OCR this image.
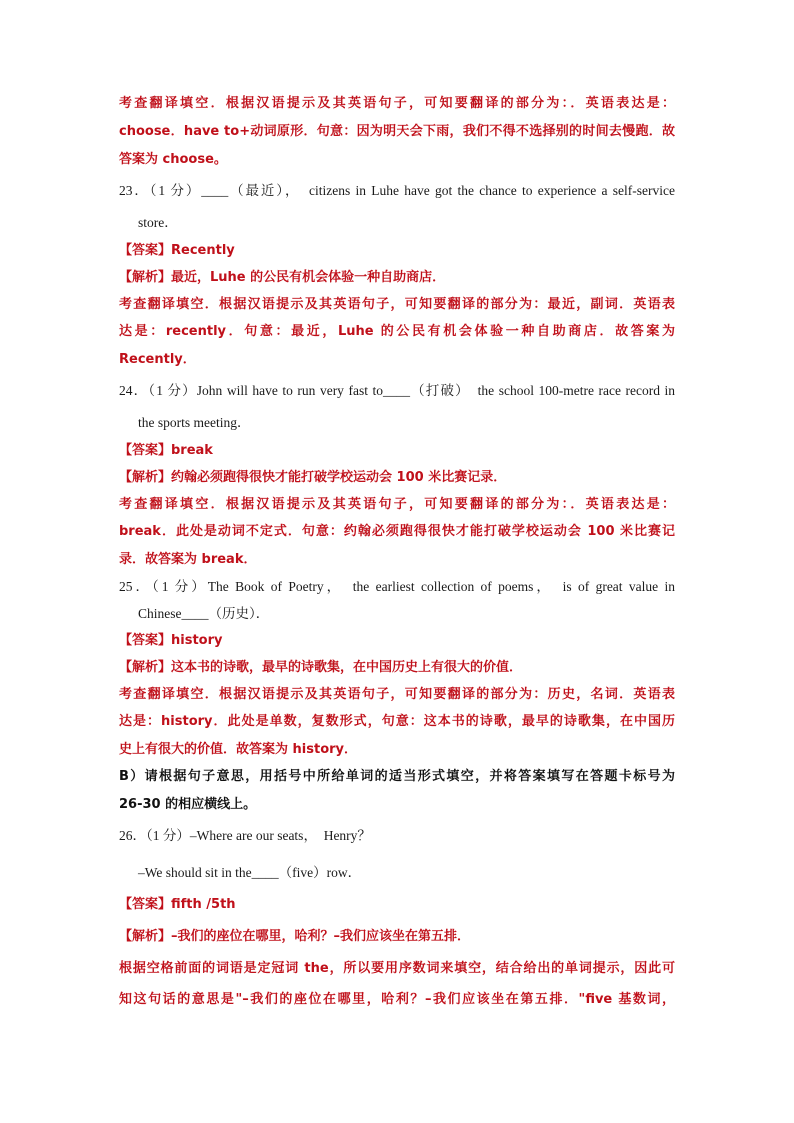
考查翻译填空．根据汉语提示及其英语句子，可知要翻译的部分为：．英语表达是：
choose．have to+动词原形．句意：因为明天会下雨，我们不得不选择别的时间去慢跑．故
答案为 choose。
23．（1 分）____（最近），　citizens in Luhe have got the chance to experience a self-service
store．
【答案】Recently
【解析】最近，Luhe 的公民有机会体验一种自助商店．
考查翻译填空．根据汉语提示及其英语句子，可知要翻译的部分为：最近，副词．英语表
达是：recently．句意：最近，Luhe 的公民有机会体验一种自助商店．故答案为
Recently．
24．（1 分）John will have to run very fast to____（打破）　the school 100-metre race record in
the sports meeting．
【答案】break
【解析】约翰必须跑得很快才能打破学校运动会 100 米比赛记录．
考查翻译填空．根据汉语提示及其英语句子，可知要翻译的部分为：．英语表达是：
break．此处是动词不定式．句意：约翰必须跑得很快才能打破学校运动会 100 米比赛记
录．故答案为 break．
25．（1 分）The Book of Poetry，　the earliest collection of poems，　is of great value in
Chinese____（历史）．
【答案】history
【解析】这本书的诗歌，最早的诗歌集，在中国历史上有很大的价值．
考查翻译填空．根据汉语提示及其英语句子，可知要翻译的部分为：历史，名词．英语表
达是：history．此处是单数，复数形式，句意：这本书的诗歌，最早的诗歌集，在中国历
史上有很大的价值．故答案为 history．
B）请根据句子意思，用括号中所给单词的适当形式填空，并将答案填写在答题卡标号为
26-30 的相应横线上。
26．（1 分）–Where are our seats，　Henry？
–We should sit in the____（five）row．
【答案】fifth /5th
【解析】–我们的座位在哪里，哈利？–我们应该坐在第五排．
根据空格前面的词语是定冠词 the，所以要用序数词来填空，结合给出的单词提示，因此可
知这句话的意思是"–我们的座位在哪里，哈利？–我们应该坐在第五排．"five 基数词，
